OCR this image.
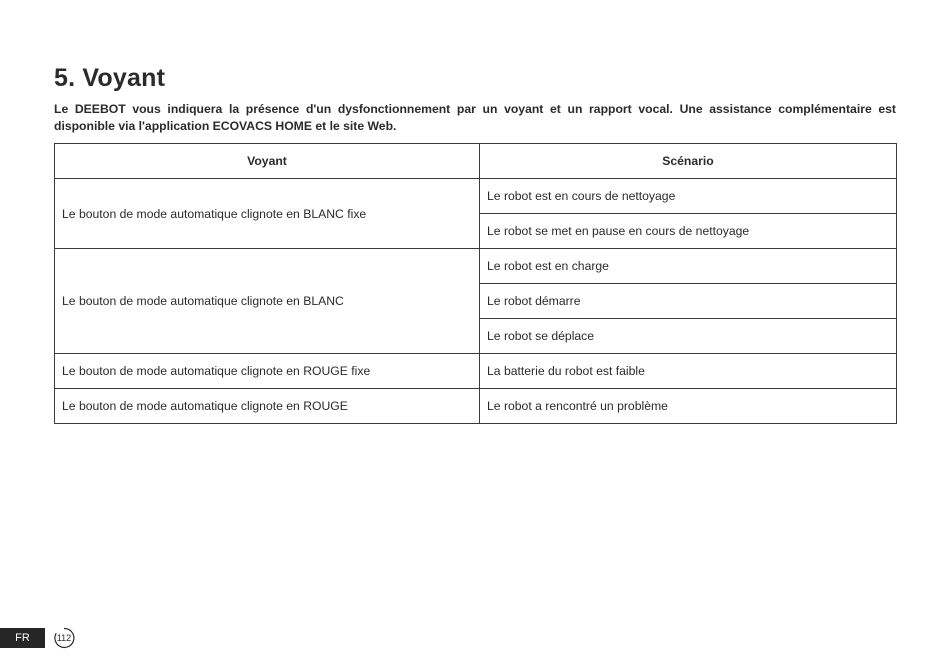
5. Voyant

Le DEEBOT vous indiquera la présence d'un dysfonctionnement par un voyant et un rapport vocal. Une assistance complémentaire est disponible via l'application ECOVACS HOME et le site Web.

Voyant	Scénario
Le bouton de mode automatique clignote en BLANC fixe	Le robot est en cours de nettoyage
	Le robot se met en pause en cours de nettoyage
Le bouton de mode automatique clignote en BLANC	Le robot est en charge
	Le robot démarre
	Le robot se déplace
Le bouton de mode automatique clignote en ROUGE fixe	La batterie du robot est faible
Le bouton de mode automatique clignote en ROUGE	Le robot a rencontré un problème
FR	112
